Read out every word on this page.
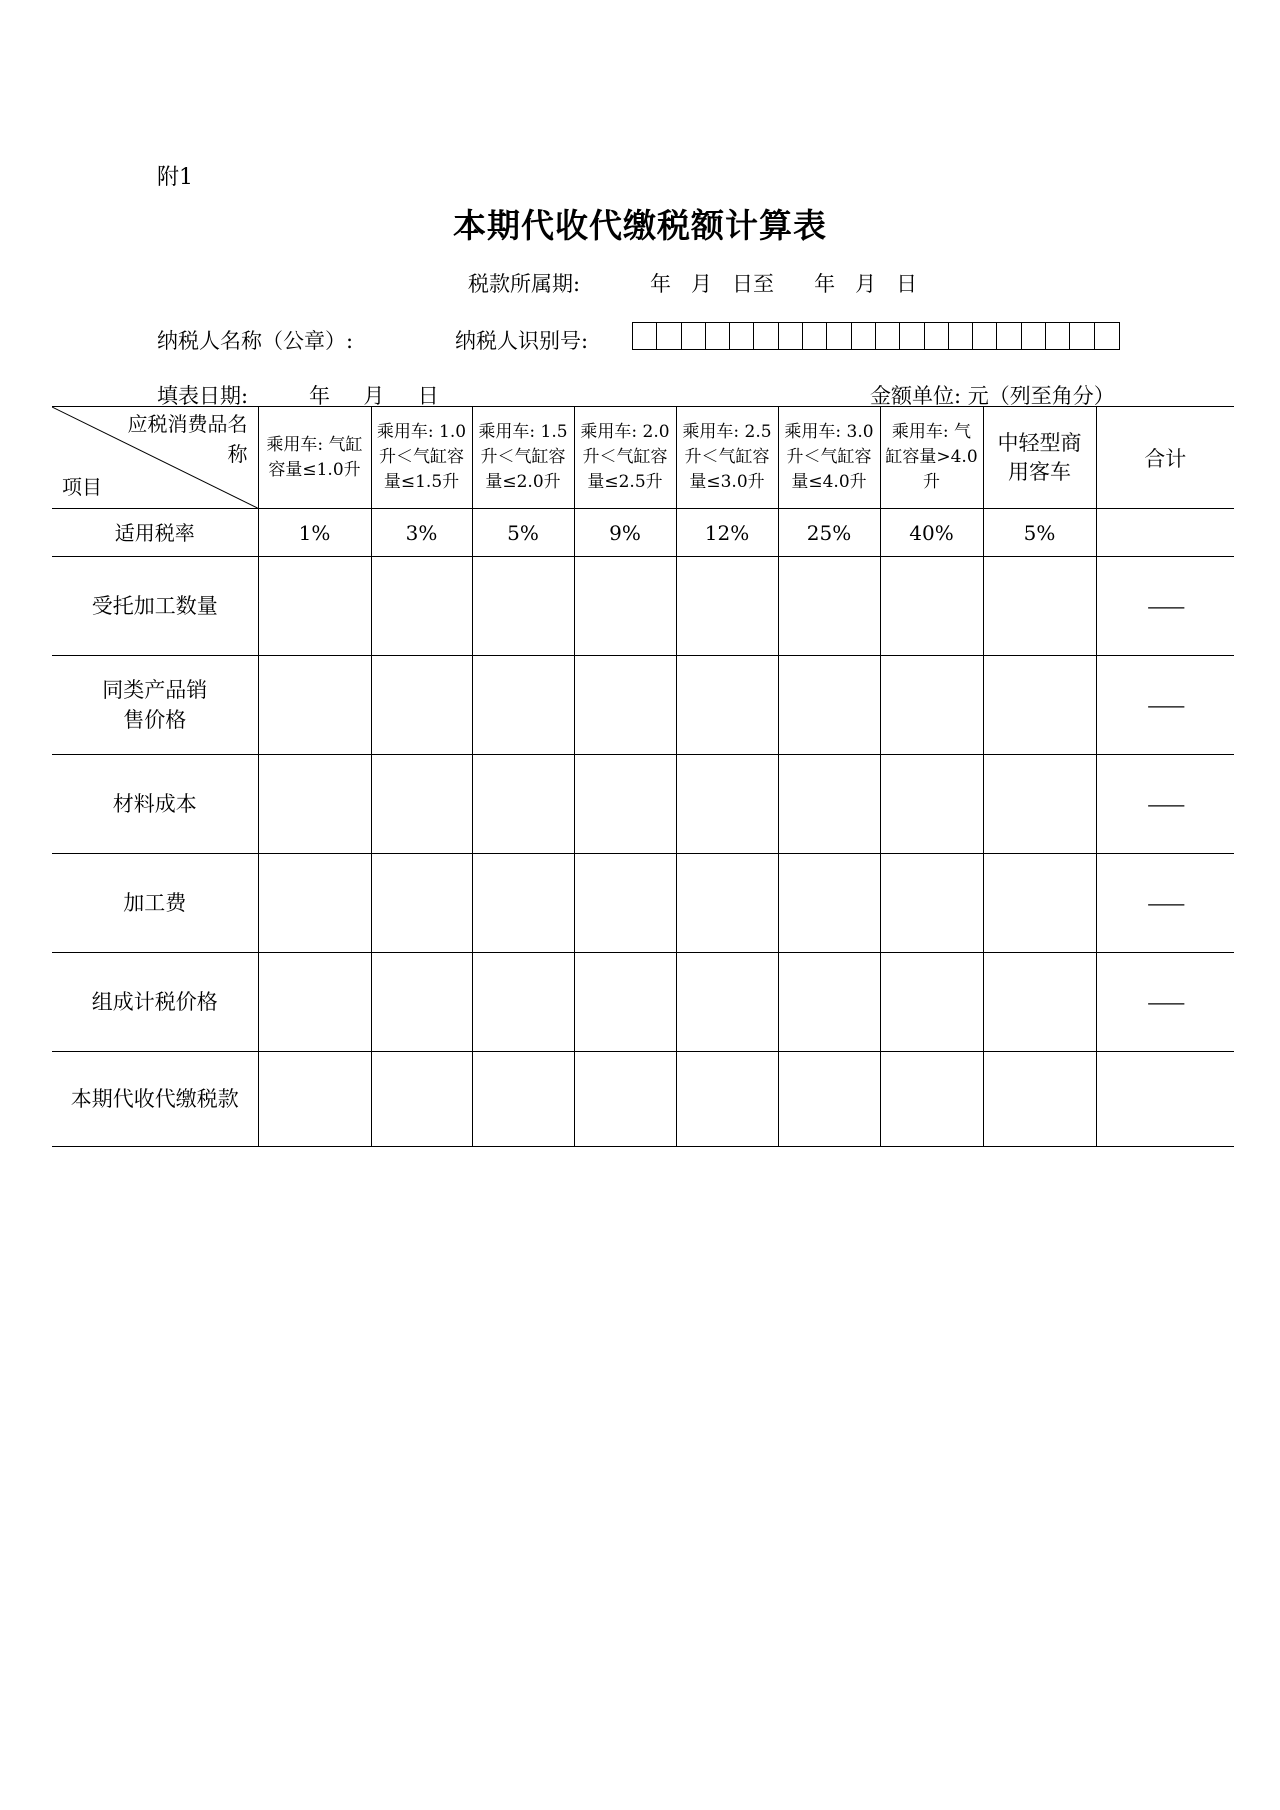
附1
本期代收代缴税额计算表
税款所属期:	年   月   日至      年   月   日
纳税人名称（公章）:	纳税人识别号:
填表日期:	年     月     日	金额单位: 元（列至角分）
应税消费品名称
项目	乘用车: 气缸容量≤1.0升	乘用车: 1.0升＜气缸容量≤1.5升	乘用车: 1.5升＜气缸容量≤2.0升	乘用车: 2.0升＜气缸容量≤2.5升	乘用车: 2.5升＜气缸容量≤3.0升	乘用车: 3.0升＜气缸容量≤4.0升	乘用车: 气缸容量>4.0升	中轻型商用客车	合计
适用税率	1%	3%	5%	9%	12%	25%	40%	5%	
受托加工数量									——
同类产品销售价格									——
材料成本									——
加工费									——
组成计税价格									——
本期代收代缴税款									
